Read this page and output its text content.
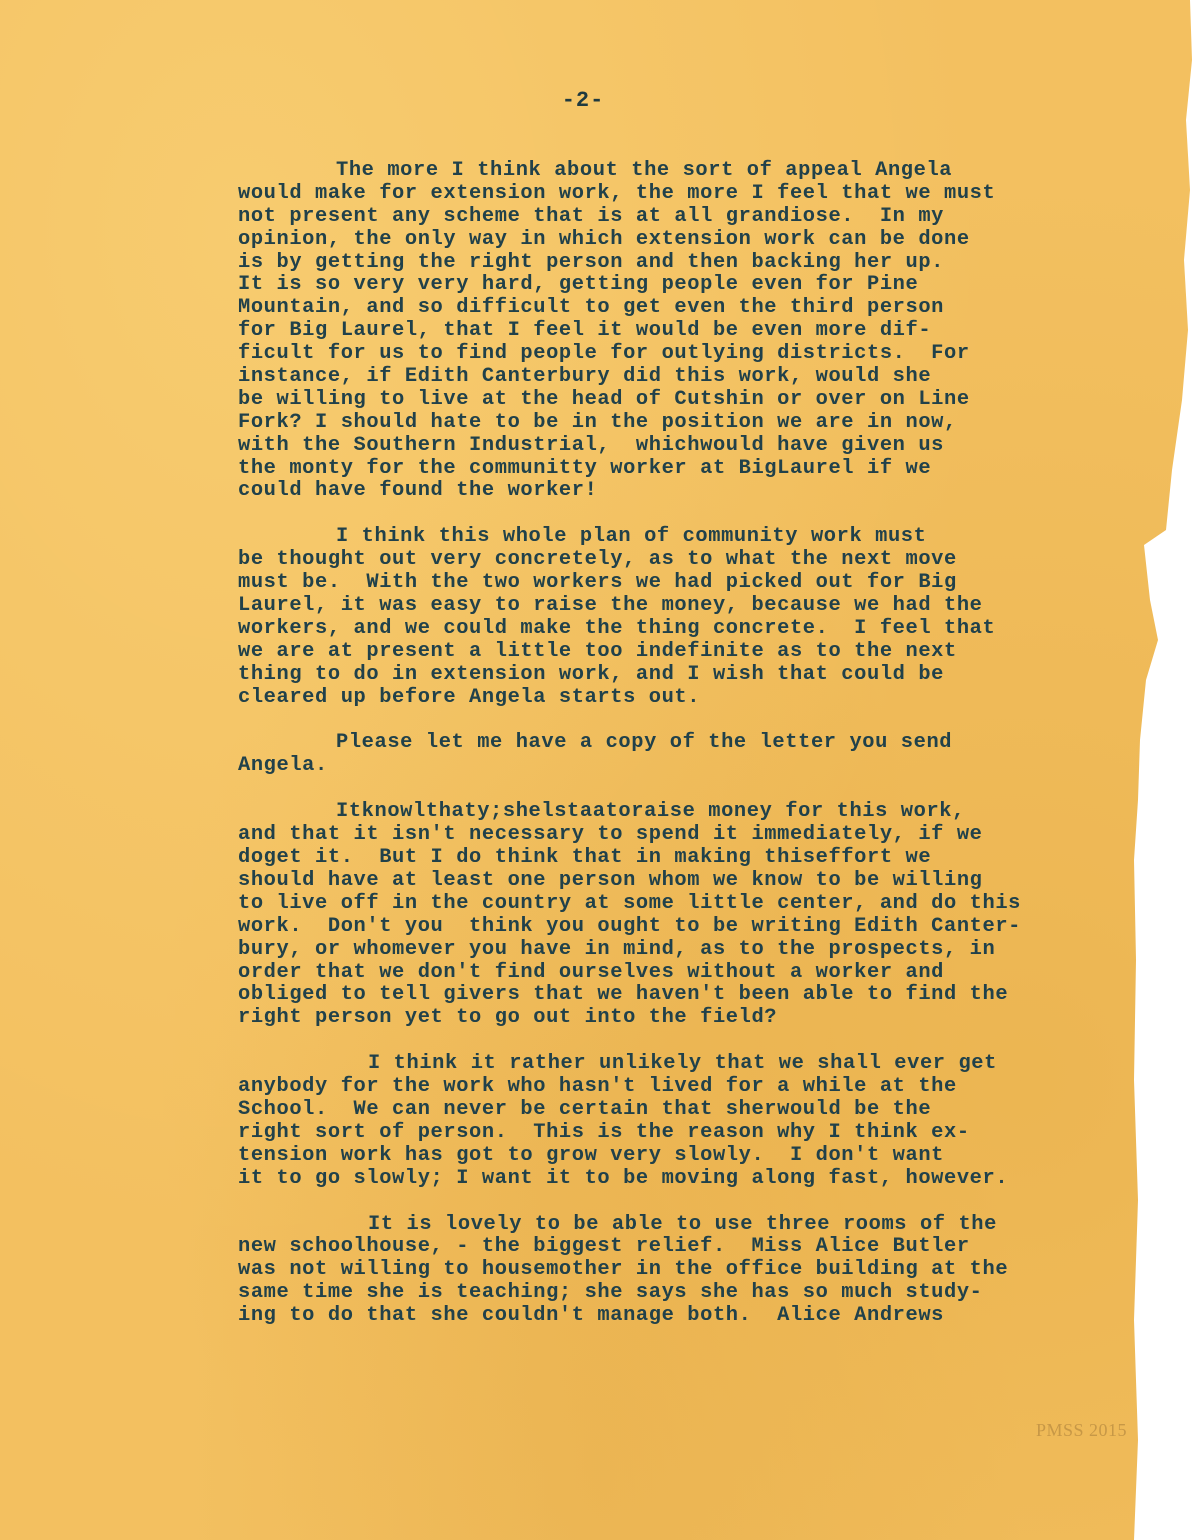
-2-
The more I think about the sort of appeal Angela
would make for extension work, the more I feel that we must
not present any scheme that is at all grandiose.  In my
opinion, the only way in which extension work can be done
is by getting the right person and then backing her up.
It is so very very hard, getting people even for Pine
Mountain, and so difficult to get even the third person
for Big Laurel, that I feel it would be even more dif-
ficult for us to find people for outlying districts.  For
instance, if Edith Canterbury did this work, would she
be willing to live at the head of Cutshin or over on Line
Fork? I should hate to be in the position we are in now,
with the Southern Industrial,  whichwould have given us
the monty for the communitty worker at BigLaurel if we
could have found the worker!
I think this whole plan of community work must
be thought out very concretely, as to what the next move
must be.  With the two workers we had picked out for Big
Laurel, it was easy to raise the money, because we had the
workers, and we could make the thing concrete.  I feel that
we are at present a little too indefinite as to the next
thing to do in extension work, and I wish that could be
cleared up before Angela starts out.
Please let me have a copy of the letter you send
Angela.
Itknowlthaty;shelstaatoraise money for this work,
and that it isn't necessary to spend it immediately, if we
doget it.  But I do think that in making thiseffort we
should have at least one person whom we know to be willing
to live off in the country at some little center, and do this
work.  Don't you  think you ought to be writing Edith Canter-
bury, or whomever you have in mind, as to the prospects, in
order that we don't find ourselves without a worker and
obliged to tell givers that we haven't been able to find the
right person yet to go out into the field?
I think it rather unlikely that we shall ever get
anybody for the work who hasn't lived for a while at the
School.  We can never be certain that sherwould be the
right sort of person.  This is the reason why I think ex-
tension work has got to grow very slowly.  I don't want
it to go slowly; I want it to be moving along fast, however.
It is lovely to be able to use three rooms of the
new schoolhouse, - the biggest relief.  Miss Alice Butler
was not willing to housemother in the office building at the
same time she is teaching; she says she has so much study-
ing to do that she couldn't manage both.  Alice Andrews
PMSS 2015
